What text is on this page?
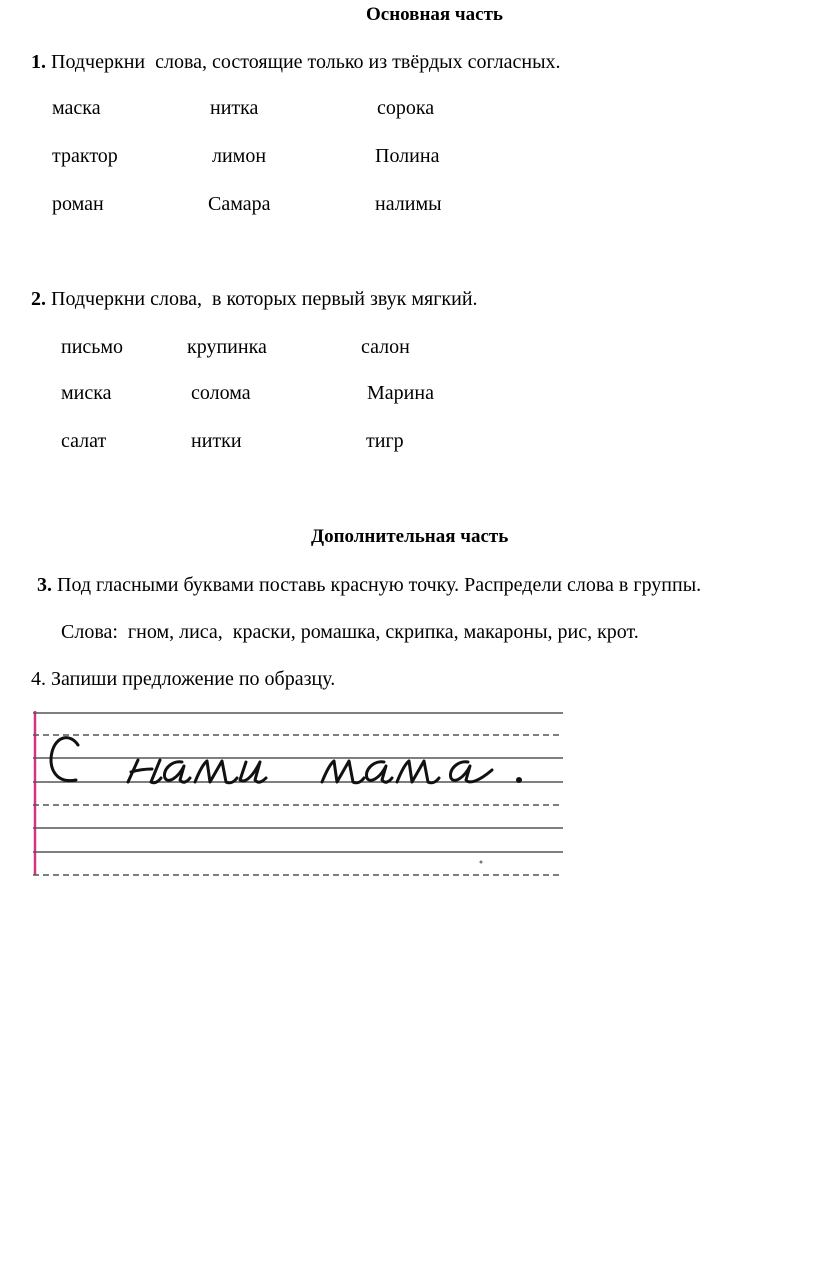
Основная часть
1. Подчеркни  слова, состоящие только из твёрдых согласных.
маска	нитка	сорока
трактор	лимон	Полина
роман	Самара	налимы
2. Подчеркни слова,  в которых первый звук мягкий.
письмо	крупинка	салон
миска	солома	Марина
салат	нитки	тигр
Дополнительная часть
3. Под гласными буквами поставь красную точку. Распредели слова в группы.
Слова:  гном, лиса,  краски, ромашка, скрипка, макароны, рис, крот.
4. Запиши предложение по образцу.
